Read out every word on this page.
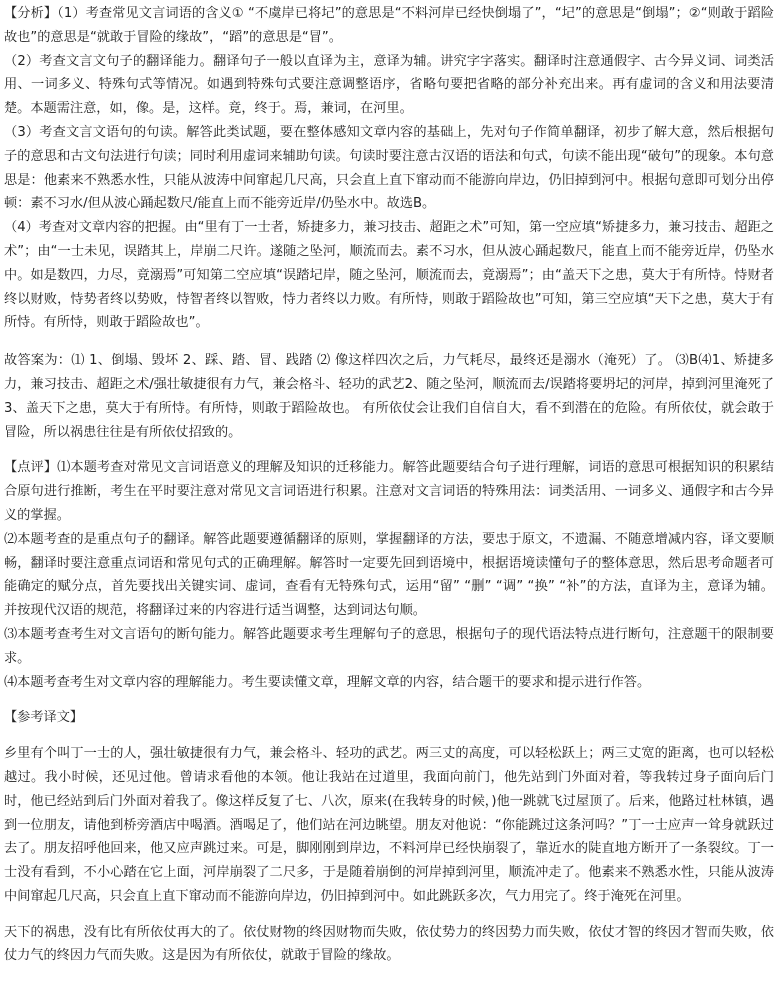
【分析】（1）考查常见文言词语的含义① “不虞岸已将圮”的意思是“不料河岸已经快倒塌了”，“圮”的意思是“倒塌”；②“则敢于蹈险故也”的意思是“就敢于冒险的缘故”，“蹈”的意思是“冒”。

（2）考查文言文句子的翻译能力。翻译句子一般以直译为主，意译为辅。讲究字字落实。翻译时注意通假字、古今异义词、词类活用、一词多义、特殊句式等情况。如遇到特殊句式要注意调整语序，省略句要把省略的部分补充出来。再有虚词的含义和用法要清楚。本题需注意，如，像。是，这样。竟，终于。焉，兼词，在河里。

（3）考查文言文语句的句读。解答此类试题，要在整体感知文章内容的基础上，先对句子作简单翻译，初步了解大意，然后根据句子的意思和古文句法进行句读；同时利用虚词来辅助句读。句读时要注意古汉语的语法和句式，句读不能出现“破句”的现象。本句意思是：他素来不熟悉水性，只能从波涛中间窜起几尺高，只会直上直下窜动而不能游向岸边，仍旧掉到河中。根据句意即可划分出停顿：素不习水/但从波心踊起数尺/能直上而不能旁近岸/仍坠水中。故选B。

（4）考查对文章内容的把握。由“里有丁一士者，矫捷多力，兼习技击、超距之术”可知，第一空应填“矫捷多力，兼习技击、超距之术”；由“一士未见，误踏其上，岸崩二尺许。遂随之坠河，顺流而去。素不习水，但从波心踊起数尺，能直上而不能旁近岸，仍坠水中。如是数四，力尽，竟溺焉”可知第二空应填“误踏圮岸，随之坠河，顺流而去，竟溺焉”；由“盖天下之患，莫大于有所恃。恃财者终以财败，恃势者终以势败，恃智者终以智败，恃力者终以力败。有所恃，则敢于蹈险故也”可知，第三空应填“天下之患，莫大于有所恃。有所恃，则敢于蹈险故也”。

故答案为：⑴ 1、倒塌、毁坏 2、踩、踏、冒、践踏 ⑵ 像这样四次之后，力气耗尽，最终还是溺水（淹死）了。 ⑶B⑷1、矫捷多力，兼习技击、超距之术/强壮敏捷很有力气，兼会格斗、轻功的武艺2、随之坠河，顺流而去/误踏将要坍圮的河岸，掉到河里淹死了3、盖天下之患，莫大于有所恃。有所恃，则敢于蹈险故也。 有所依仗会让我们自信自大，看不到潜在的危险。有所依仗，就会敢于冒险，所以祸患往往是有所依仗招致的。

【点评】⑴本题考查对常见文言词语意义的理解及知识的迁移能力。解答此题要结合句子进行理解，词语的意思可根据知识的积累结合原句进行推断，考生在平时要注意对常见文言词语进行积累。注意对文言词语的特殊用法：词类活用、一词多义、通假字和古今异义的掌握。

⑵本题考查的是重点句子的翻译。解答此题要遵循翻译的原则，掌握翻译的方法，要忠于原文，不遗漏、不随意增减内容，译文要顺畅，翻译时要注意重点词语和常见句式的正确理解。解答时一定要先回到语境中，根据语境读懂句子的整体意思，然后思考命题者可能确定的赋分点，首先要找出关键实词、虚词，查看有无特殊句式，运用“留” “删” “调” “换” “补”的方法，直译为主，意译为辅。并按现代汉语的规范，将翻译过来的内容进行适当调整，达到词达句顺。

⑶本题考查考生对文言语句的断句能力。解答此题要求考生理解句子的意思，根据句子的现代语法特点进行断句，注意题干的限制要求。

⑷本题考查考生对文章内容的理解能力。考生要读懂文章，理解文章的内容，结合题干的要求和提示进行作答。

【参考译文】

乡里有个叫丁一士的人，强壮敏捷很有力气，兼会格斗、轻功的武艺。两三丈的高度，可以轻松跃上；两三丈宽的距离，也可以轻松越过。我小时候，还见过他。曾请求看他的本领。他让我站在过道里，我面向前门，他先站到门外面对着，等我转过身子面向后门时，他已经站到后门外面对着我了。像这样反复了七、八次，原来(在我转身的时候，)他一跳就飞过屋顶了。后来，他路过杜林镇，遇到一位朋友，请他到桥旁酒店中喝酒。酒喝足了，他们站在河边眺望。朋友对他说：“你能跳过这条河吗？”丁一士应声一耸身就跃过去了。朋友招呼他回来，他又应声跳过来。可是，脚刚刚到岸边，不料河岸已经快崩裂了，靠近水的陡直地方断开了一条裂纹。丁一士没有看到，不小心踏在它上面，河岸崩裂了二尺多，于是随着崩倒的河岸掉到河里，顺流冲走了。他素来不熟悉水性，只能从波涛中间窜起几尺高，只会直上直下窜动而不能游向岸边，仍旧掉到河中。如此跳跃多次，气力用完了。终于淹死在河里。

天下的祸患，没有比有所依仗再大的了。依仗财物的终因财物而失败，依仗势力的终因势力而失败，依仗才智的终因才智而失败，依仗力气的终因力气而失败。这是因为有所依仗，就敢于冒险的缘故。
